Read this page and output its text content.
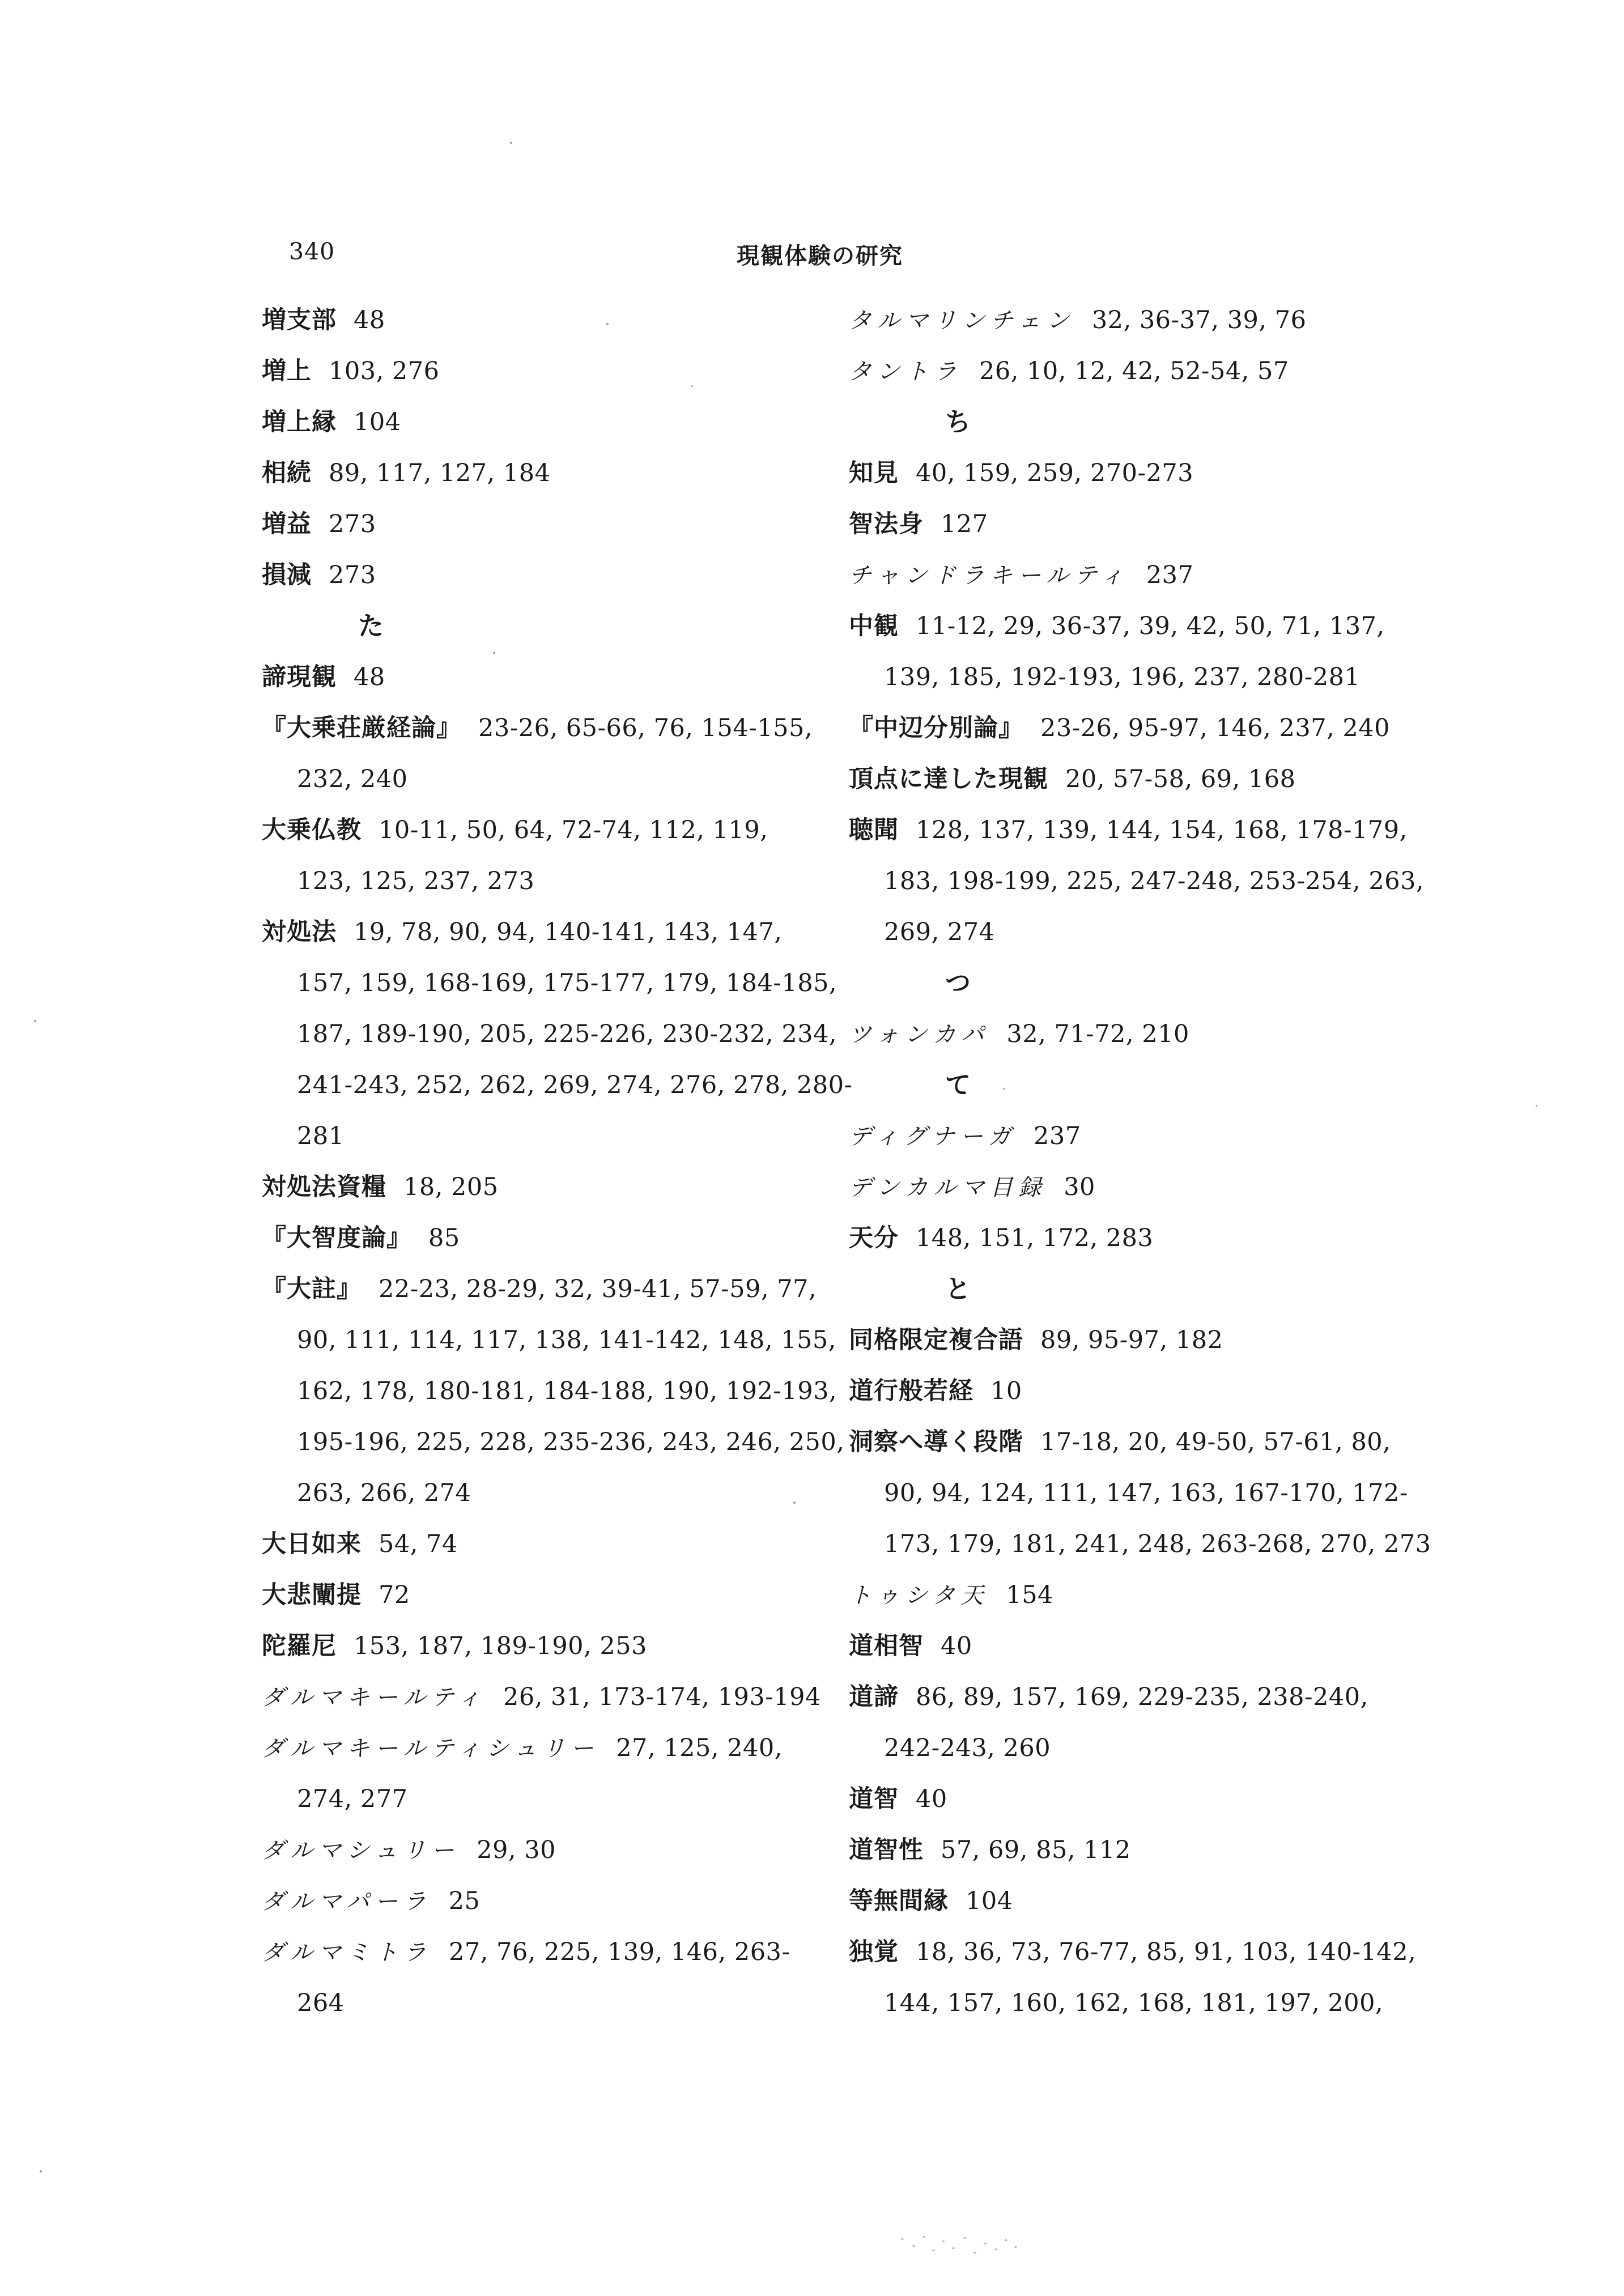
340	現観体験の研究
増支部 48
増上 103, 276
増上縁 104
相続 89, 117, 127, 184
増益 273
損減 273
た
諦現観 48
『大乗荘厳経論』 23-26, 65-66, 76, 154-155,
232, 240
大乗仏教 10-11, 50, 64, 72-74, 112, 119,
123, 125, 237, 273
対処法 19, 78, 90, 94, 140-141, 143, 147,
157, 159, 168-169, 175-177, 179, 184-185,
187, 189-190, 205, 225-226, 230-232, 234,
241-243, 252, 262, 269, 274, 276, 278, 280-
281
対処法資糧 18, 205
『大智度論』 85
『大註』 22-23, 28-29, 32, 39-41, 57-59, 77,
90, 111, 114, 117, 138, 141-142, 148, 155,
162, 178, 180-181, 184-188, 190, 192-193,
195-196, 225, 228, 235-236, 243, 246, 250,
263, 266, 274
大日如来 54, 74
大悲闡提 72
陀羅尼 153, 187, 189-190, 253
ダルマキールティ 26, 31, 173-174, 193-194
ダルマキールティシュリー 27, 125, 240,
274, 277
ダルマシュリー 29, 30
ダルマパーラ 25
ダルマミトラ 27, 76, 225, 139, 146, 263-
264
タルマリンチェン 32, 36-37, 39, 76
タントラ 26, 10, 12, 42, 52-54, 57
ち
知見 40, 159, 259, 270-273
智法身 127
チャンドラキールティ 237
中観 11-12, 29, 36-37, 39, 42, 50, 71, 137,
139, 185, 192-193, 196, 237, 280-281
『中辺分別論』 23-26, 95-97, 146, 237, 240
頂点に達した現観 20, 57-58, 69, 168
聴聞 128, 137, 139, 144, 154, 168, 178-179,
183, 198-199, 225, 247-248, 253-254, 263,
269, 274
つ
ツォンカパ 32, 71-72, 210
て
ディグナーガ 237
デンカルマ目録 30
天分 148, 151, 172, 283
と
同格限定複合語 89, 95-97, 182
道行般若経 10
洞察へ導く段階 17-18, 20, 49-50, 57-61, 80,
90, 94, 124, 111, 147, 163, 167-170, 172-
173, 179, 181, 241, 248, 263-268, 270, 273
トゥシタ天 154
道相智 40
道諦 86, 89, 157, 169, 229-235, 238-240,
242-243, 260
道智 40
道智性 57, 69, 85, 112
等無間縁 104
独覚 18, 36, 73, 76-77, 85, 91, 103, 140-142,
144, 157, 160, 162, 168, 181, 197, 200,
